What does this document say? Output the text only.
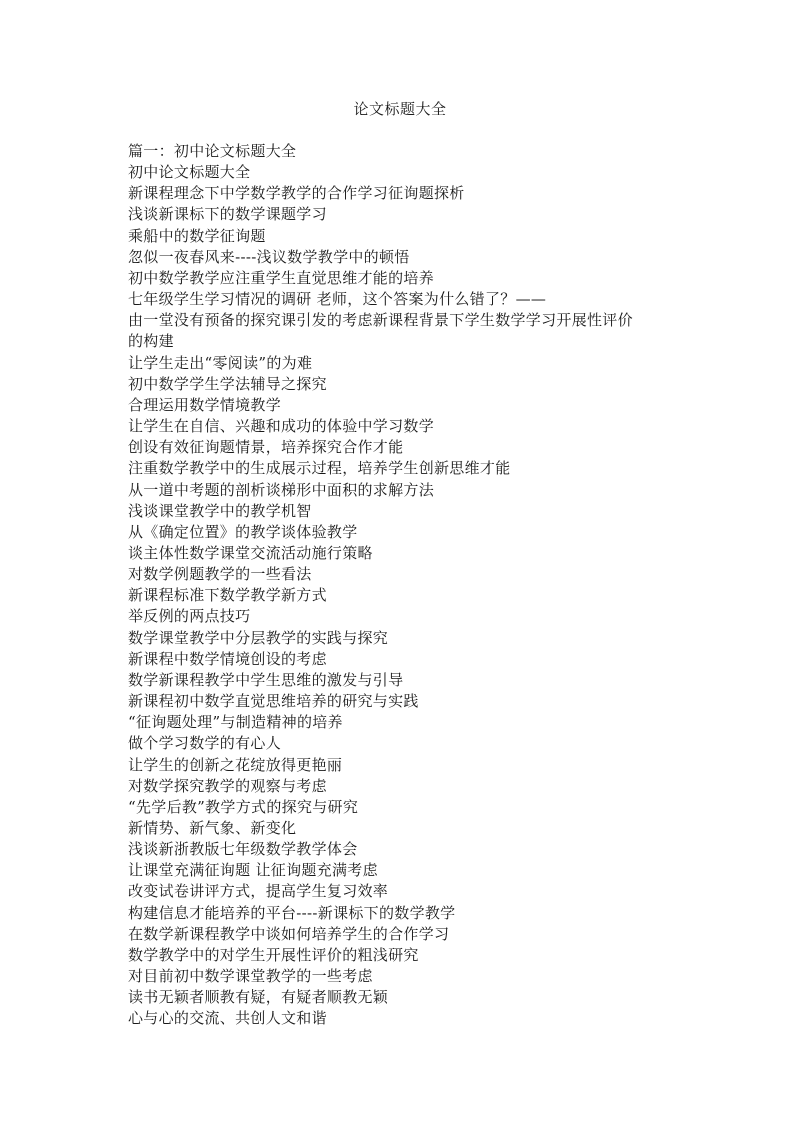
论文标题大全
篇一：初中论文标题大全
初中论文标题大全
新课程理念下中学数学教学的合作学习征询题探析
浅谈新课标下的数学课题学习
乘船中的数学征询题
忽似一夜春风来----浅议数学教学中的顿悟
初中数学教学应注重学生直觉思维才能的培养
七年级学生学习情况的调研 老师，这个答案为什么错了？——
由一堂没有预备的探究课引发的考虑新课程背景下学生数学学习开展性评价
的构建
让学生走出“零阅读”的为难
初中数学学生学法辅导之探究
合理运用数学情境教学
让学生在自信、兴趣和成功的体验中学习数学
创设有效征询题情景，培养探究合作才能
注重数学教学中的生成展示过程，培养学生创新思维才能
从一道中考题的剖析谈梯形中面积的求解方法
浅谈课堂教学中的教学机智
从《确定位置》的教学谈体验教学
谈主体性数学课堂交流活动施行策略
对数学例题教学的一些看法
新课程标准下数学教学新方式
举反例的两点技巧
数学课堂教学中分层教学的实践与探究
新课程中数学情境创设的考虑
数学新课程教学中学生思维的激发与引导
新课程初中数学直觉思维培养的研究与实践
“征询题处理”与制造精神的培养
做个学习数学的有心人
让学生的创新之花绽放得更艳丽
对数学探究教学的观察与考虑
“先学后教”教学方式的探究与研究
新情势、新气象、新变化
浅谈新浙教版七年级数学教学体会
让课堂充满征询题 让征询题充满考虑
改变试卷讲评方式，提高学生复习效率
构建信息才能培养的平台----新课标下的数学教学
在数学新课程教学中谈如何培养学生的合作学习
数学教学中的对学生开展性评价的粗浅研究
对目前初中数学课堂教学的一些考虑
读书无颖者顺教有疑，有疑者顺教无颖
心与心的交流、共创人文和谐
